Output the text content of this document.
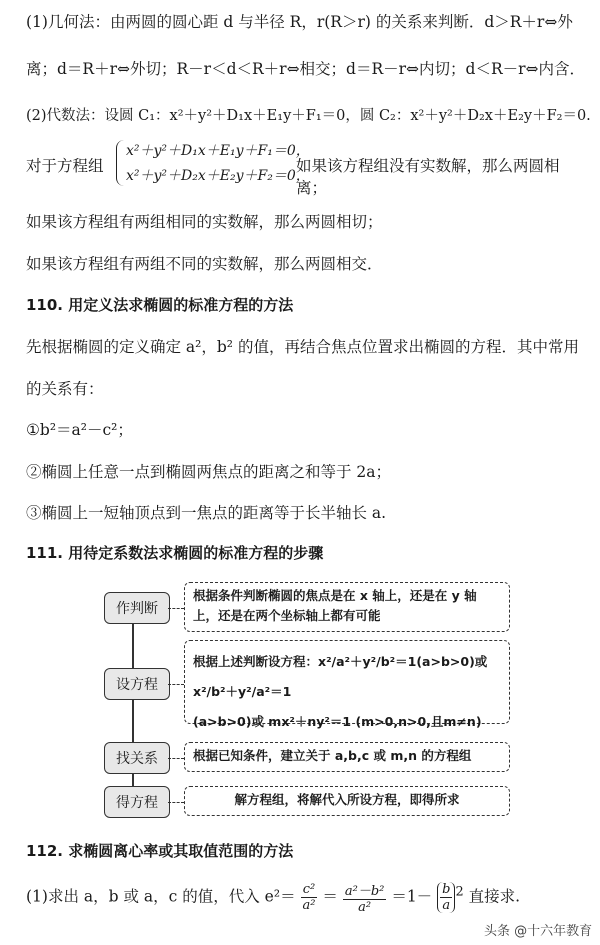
(1)几何法：由两圆的圆心距 d 与半径 R，r(R＞r) 的关系来判断．d＞R＋r⇔外
离；d＝R＋r⇔外切；R－r＜d＜R＋r⇔相交；d＝R－r⇔内切；d＜R－r⇔内含．
(2)代数法：设圆 C₁：x²＋y²＋D₁x＋E₁y＋F₁＝0，圆 C₂：x²＋y²＋D₂x＋E₂y＋F₂＝0.
对于方程组
x²＋y²＋D₁x＋E₁y＋F₁＝0，
x²＋y²＋D₂x＋E₂y＋F₂＝0，
如果该方程组没有实数解，那么两圆相离；
如果该方程组有两组相同的实数解，那么两圆相切；
如果该方程组有两组不同的实数解，那么两圆相交．
110. 用定义法求椭圆的标准方程的方法
先根据椭圆的定义确定 a²，b² 的值，再结合焦点位置求出椭圆的方程．其中常用
的关系有：
①b²＝a²－c²；
②椭圆上任意一点到椭圆两焦点的距离之和等于 2a；
③椭圆上一短轴顶点到一焦点的距离等于长半轴长 a.
111. 用待定系数法求椭圆的标准方程的步骤
作判断
根据条件判断椭圆的焦点是在 x 轴上，还是在 y 轴
上，还是在两个坐标轴上都有可能
设方程
根据上述判断设方程：x²/a²＋y²/b²＝1(a>b>0)或 x²/b²＋y²/a²＝1
(a>b>0)或 mx²＋ny²＝1 (m>0,n>0,且m≠n)
找关系	根据已知条件，建立关于 a,b,c 或 m,n 的方程组
得方程	解方程组，将解代入所设方程，即得所求
112. 求椭圆离心率或其取值范围的方法
(1)求出 a，b 或 a，c 的值，代入 $e^2= \frac{\text{c²}}{\text{a²}} = \frac{\text{a²－b²}}{\text{a²}} =1- \frac{b}{a} ^2$ 直接求.
头条 @十六年教育
